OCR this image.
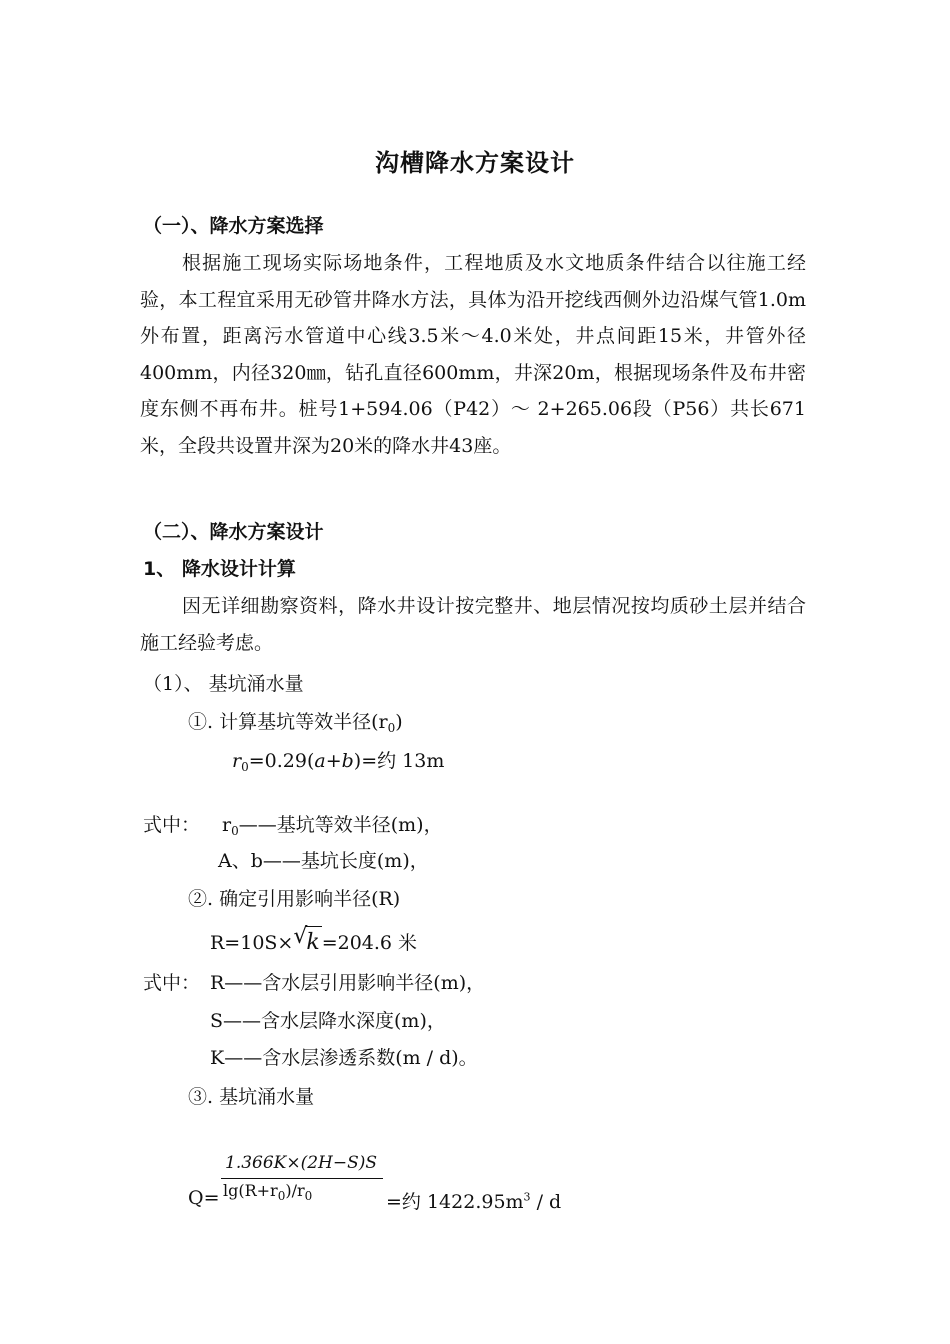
沟槽降水方案设计
（一）、降水方案选择

根据施工现场实际场地条件，工程地质及水文地质条件结合以往施工经验，本工程宜采用无砂管井降水方法，具体为沿开挖线西侧外边沿煤气管1.0m外布置，距离污水管道中心线3.5米～4.0米处，井点间距15米，井管外径400mm，内径320㎜，钻孔直径600mm，井深20m，根据现场条件及布井密度东侧不再布井。桩号1+594.06（P42）～ 2+265.06段（P56）共长671米，全段共设置井深为20米的降水井43座。

（二）、降水方案设计
1、 降水设计计算

因无详细勘察资料，降水井设计按完整井、地层情况按均质砂土层并结合施工经验考虑。

（1）、 基坑涌水量
①. 计算基坑等效半径$(r_0)$
$r_0=0.29(a+b)=$约 13m
式中： $r_0——$基坑等效半径(m)，
A、b——基坑长度(m)，
②. 确定引用影响半径(R)
R=10S× √
k =204.6 米
式中： R——含水层引用影响半径(m)，
S——含水层降水深度(m)，
K——含水层渗透系数(m / d)。
③. 基坑涌水量
1.366K×(2H−S)S
$\lg(R+r_0)/r_0$
Q=	=约 $1422.95m^3$ / d
